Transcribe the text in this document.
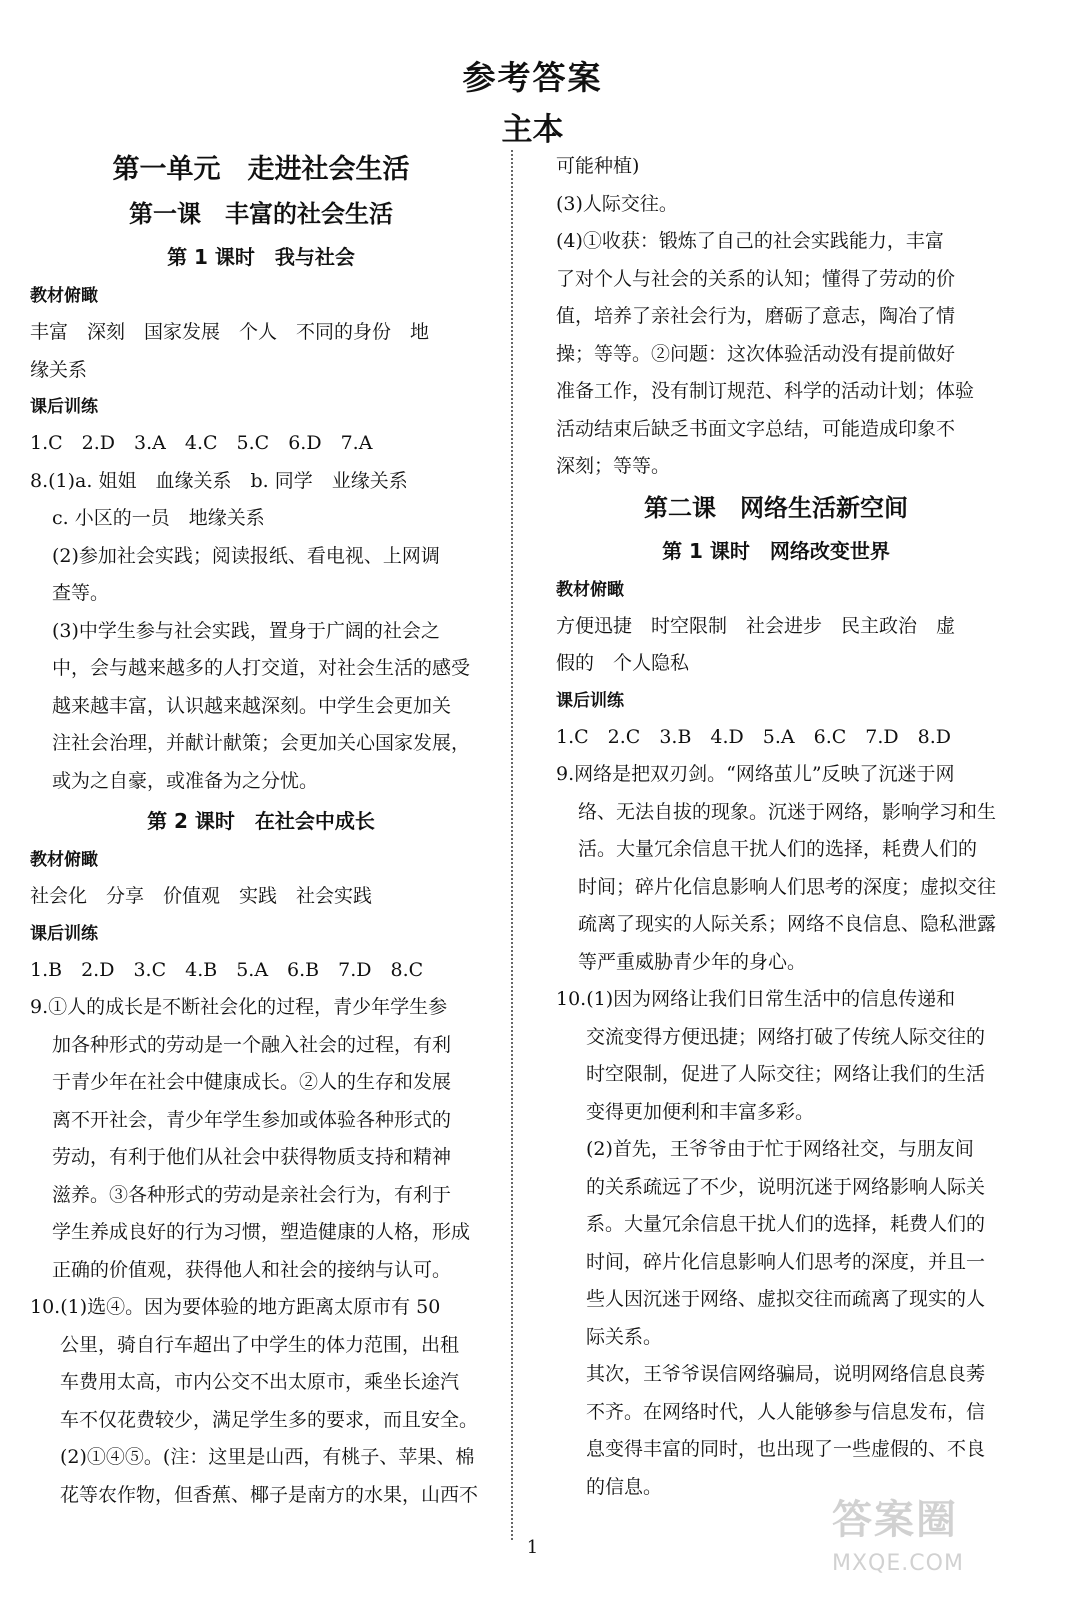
参考答案
主本
第一单元　走进社会生活
第一课　丰富的社会生活
第 1 课时　我与社会
教材俯瞰
丰富　深刻　国家发展　个人　不同的身份　地
缘关系
课后训练
1.C　2.D　3.A　4.C　5.C　6.D　7.A
8.(1)a. 姐姐　血缘关系　b. 同学　业缘关系
c. 小区的一员　地缘关系
(2)参加社会实践；阅读报纸、看电视、上网调
查等。
(3)中学生参与社会实践，置身于广阔的社会之
中，会与越来越多的人打交道，对社会生活的感受
越来越丰富，认识越来越深刻。中学生会更加关
注社会治理，并献计献策；会更加关心国家发展，
或为之自豪，或准备为之分忧。
第 2 课时　在社会中成长
教材俯瞰
社会化　分享　价值观　实践　社会实践
课后训练
1.B　2.D　3.C　4.B　5.A　6.B　7.D　8.C
9.①人的成长是不断社会化的过程，青少年学生参
加各种形式的劳动是一个融入社会的过程，有利
于青少年在社会中健康成长。②人的生存和发展
离不开社会，青少年学生参加或体验各种形式的
劳动，有利于他们从社会中获得物质支持和精神
滋养。③各种形式的劳动是亲社会行为，有利于
学生养成良好的行为习惯，塑造健康的人格，形成
正确的价值观，获得他人和社会的接纳与认可。
10.(1)选④。因为要体验的地方距离太原市有 50
公里，骑自行车超出了中学生的体力范围，出租
车费用太高，市内公交不出太原市，乘坐长途汽
车不仅花费较少，满足学生多的要求，而且安全。
(2)①④⑤。(注：这里是山西，有桃子、苹果、棉
花等农作物，但香蕉、椰子是南方的水果，山西不
可能种植)
(3)人际交往。
(4)①收获：锻炼了自己的社会实践能力，丰富
了对个人与社会的关系的认知；懂得了劳动的价
值，培养了亲社会行为，磨砺了意志，陶冶了情
操；等等。②问题：这次体验活动没有提前做好
准备工作，没有制订规范、科学的活动计划；体验
活动结束后缺乏书面文字总结，可能造成印象不
深刻；等等。
第二课　网络生活新空间
第 1 课时　网络改变世界
教材俯瞰
方便迅捷　时空限制　社会进步　民主政治　虚
假的　个人隐私
课后训练
1.C　2.C　3.B　4.D　5.A　6.C　7.D　8.D
9.网络是把双刃剑。“网络茧儿”反映了沉迷于网
络、无法自拔的现象。沉迷于网络，影响学习和生
活。大量冗余信息干扰人们的选择，耗费人们的
时间；碎片化信息影响人们思考的深度；虚拟交往
疏离了现实的人际关系；网络不良信息、隐私泄露
等严重威胁青少年的身心。
10.(1)因为网络让我们日常生活中的信息传递和
交流变得方便迅捷；网络打破了传统人际交往的
时空限制，促进了人际交往；网络让我们的生活
变得更加便利和丰富多彩。
(2)首先，王爷爷由于忙于网络社交，与朋友间
的关系疏远了不少，说明沉迷于网络影响人际关
系。大量冗余信息干扰人们的选择，耗费人们的
时间，碎片化信息影响人们思考的深度，并且一
些人因沉迷于网络、虚拟交往而疏离了现实的人
际关系。
其次，王爷爷误信网络骗局，说明网络信息良莠
不齐。在网络时代，人人能够参与信息发布，信
息变得丰富的同时，也出现了一些虚假的、不良
的信息。
1
答案圈
MXQE.COM
